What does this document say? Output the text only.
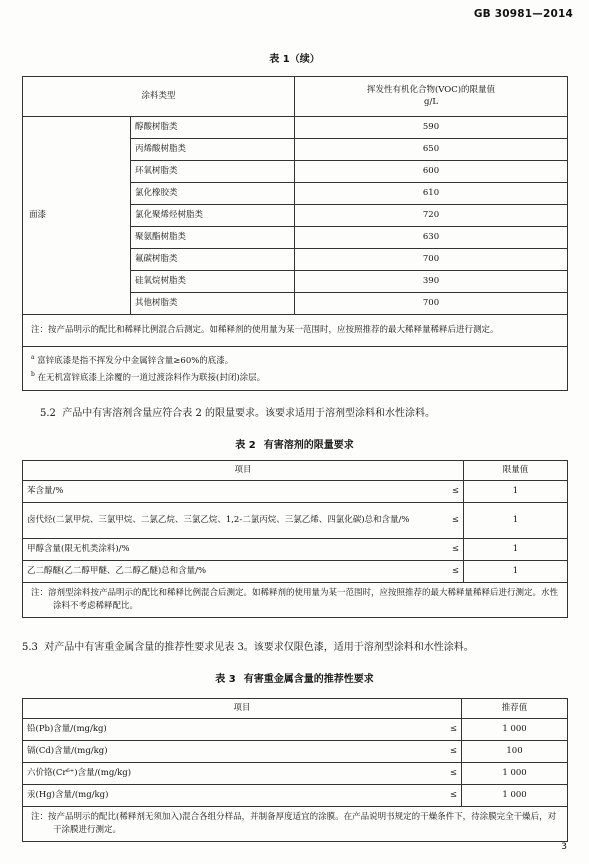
GB 30981—2014
表 1（续）
涂料类型		挥发性有机化合物(VOC)的限量值
g/L

面漆	醇酸树脂类	590
	丙烯酸树脂类	650
	环氧树脂类	600
	氯化橡胶类	610
	氯化聚烯烃树脂类	720
	聚氨酯树脂类	630
	氟碳树脂类	700
	硅氧烷树脂类	390
	其他树脂类	700
注：按产品明示的配比和稀释比例混合后测定。如稀释剂的使用量为某一范围时，应按照推荐的最大稀释量稀释后进行测定。		

$^a$ 富锌底漆是指不挥发分中金属锌含量≥60%的底漆。
$^b$ 在无机富锌底漆上涂覆的一道过渡涂料作为联接(封闭)涂层。		
5.2 产品中有害溶剂含量应符合表 2 的限量要求。该要求适用于溶剂型涂料和水性涂料。
表 2 有害溶剂的限量要求
项目	限量值

苯含量/% ≤	1

卤代烃(二氯甲烷、三氯甲烷、二氯乙烷、三氯乙烷、1,2-二氯丙烷、三氯乙烯、四氯化碳)总和含量/% ≤	1

甲醇含量(限无机类涂料)/% ≤	1

乙二醇醚(乙二醇甲醚、乙二醇乙醚)总和含量/% ≤	1
注：溶剂型涂料按产品明示的配比和稀释比例混合后测定。如稀释剂的使用量为某一范围时，应按照推荐的最大稀释量稀释后进行测定。水性涂料不考虑稀释配比。	
5.3 对产品中有害重金属含量的推荐性要求见表 3。该要求仅限色漆，适用于溶剂型涂料和水性涂料。
表 3 有害重金属含量的推荐性要求
项目	推荐值

铅(Pb)含量/(mg/kg) ≤	1 000

镉(Cd)含量/(mg/kg) ≤	100

六价铬(Cr⁶⁺)含量/(mg/kg) ≤	1 000

汞(Hg)含量/(mg/kg) ≤	1 000
注：按产品明示的配比(稀释剂无须加入)混合各组分样品，并制备厚度适宜的涂膜。在产品说明书规定的干燥条件下，待涂膜完全干燥后，对干涂膜进行测定。	
3
